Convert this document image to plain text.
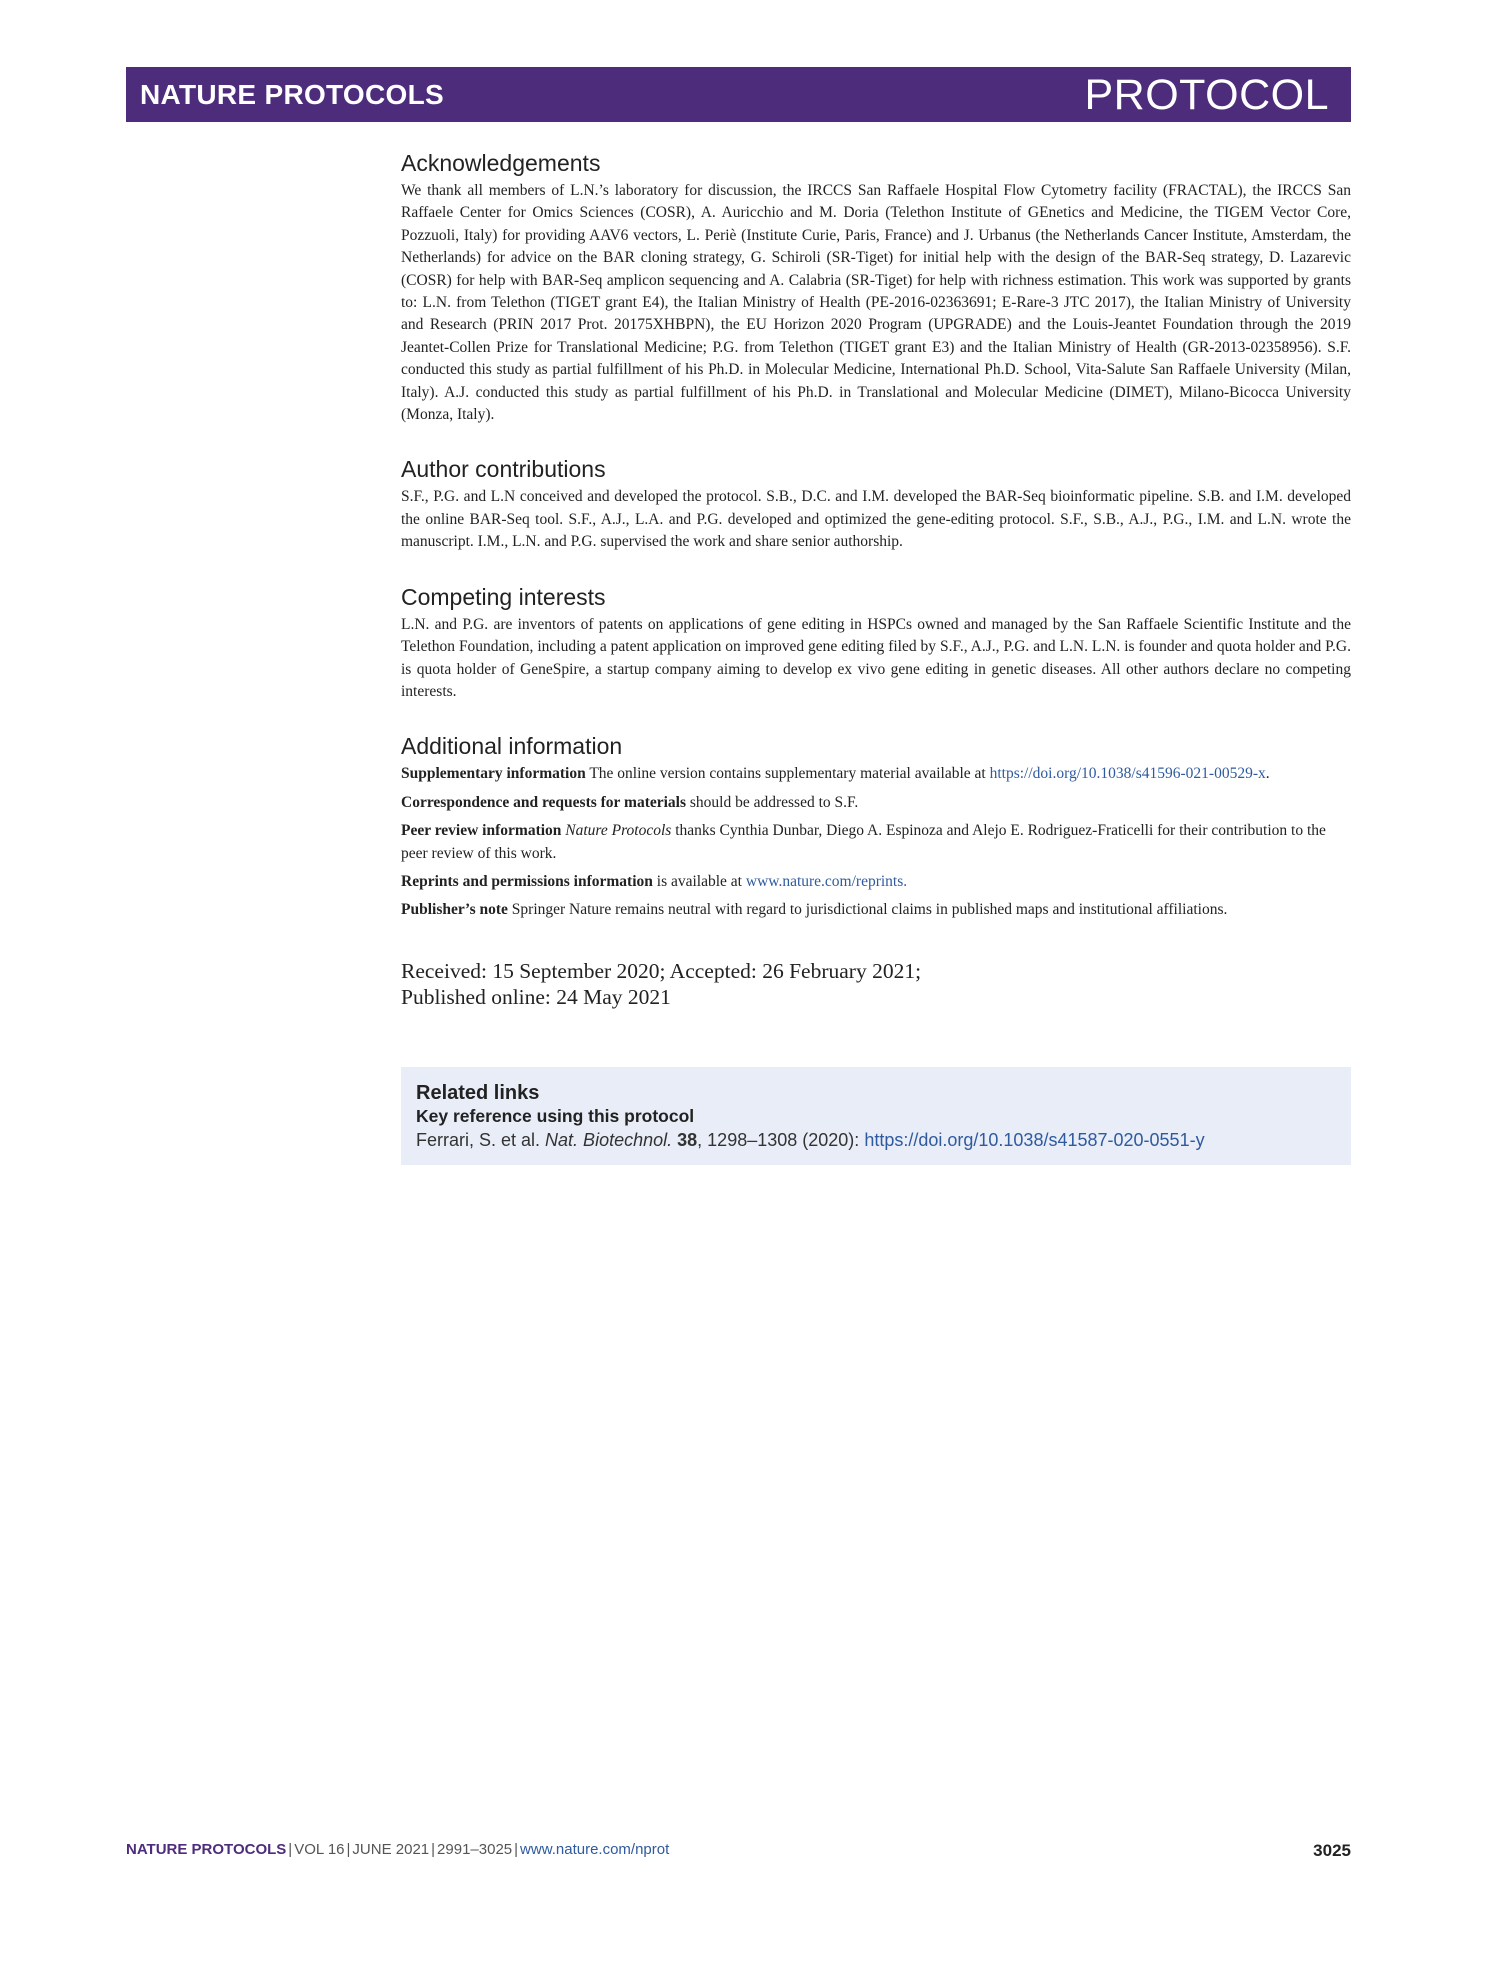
NATURE PROTOCOLS	PROTOCOL
Acknowledgements

We thank all members of L.N.’s laboratory for discussion, the IRCCS San Raffaele Hospital Flow Cytometry facility (FRACTAL), the IRCCS San Raffaele Center for Omics Sciences (COSR), A. Auricchio and M. Doria (Telethon Institute of GEnetics and Medicine, the TIGEM Vector Core, Pozzuoli, Italy) for providing AAV6 vectors, L. Periè (Institute Curie, Paris, France) and J. Urbanus (the Netherlands Cancer Institute, Amsterdam, the Netherlands) for advice on the BAR cloning strategy, G. Schiroli (SR-Tiget) for initial help with the design of the BAR-Seq strategy, D. Lazarevic (COSR) for help with BAR-Seq amplicon sequencing and A. Calabria (SR-Tiget) for help with richness estimation. This work was supported by grants to: L.N. from Telethon (TIGET grant E4), the Italian Ministry of Health (PE-2016-02363691; E-Rare-3 JTC 2017), the Italian Ministry of University and Research (PRIN 2017 Prot. 20175XHBPN), the EU Horizon 2020 Program (UPGRADE) and the Louis-Jeantet Foundation through the 2019 Jeantet-Collen Prize for Translational Medicine; P.G. from Telethon (TIGET grant E3) and the Italian Ministry of Health (GR-2013-02358956). S.F. conducted this study as partial fulfillment of his Ph.D. in Molecular Medicine, International Ph.D. School, Vita-Salute San Raffaele University (Milan, Italy). A.J. conducted this study as partial fulfillment of his Ph.D. in Translational and Molecular Medicine (DIMET), Milano-Bicocca University (Monza, Italy).

Author contributions

S.F., P.G. and L.N conceived and developed the protocol. S.B., D.C. and I.M. developed the BAR-Seq bioinformatic pipeline. S.B. and I.M. developed the online BAR-Seq tool. S.F., A.J., L.A. and P.G. developed and optimized the gene-editing protocol. S.F., S.B., A.J., P.G., I.M. and L.N. wrote the manuscript. I.M., L.N. and P.G. supervised the work and share senior authorship.

Competing interests

L.N. and P.G. are inventors of patents on applications of gene editing in HSPCs owned and managed by the San Raffaele Scientific Institute and the Telethon Foundation, including a patent application on improved gene editing filed by S.F., A.J., P.G. and L.N. L.N. is founder and quota holder and P.G. is quota holder of GeneSpire, a startup company aiming to develop ex vivo gene editing in genetic diseases. All other authors declare no competing interests.

Additional information

Supplementary information The online version contains supplementary material available at https://doi.org/10.1038/s41596-021-00529-x.

Correspondence and requests for materials should be addressed to S.F.

Peer review information Nature Protocols thanks Cynthia Dunbar, Diego A. Espinoza and Alejo E. Rodriguez-Fraticelli for their contribution to the peer review of this work.

Reprints and permissions information is available at www.nature.com/reprints.

Publisher’s note Springer Nature remains neutral with regard to jurisdictional claims in published maps and institutional affiliations.

Received: 15 September 2020; Accepted: 26 February 2021;
Published online: 24 May 2021
Related links
Key reference using this protocol
Ferrari, S. et al. Nat. Biotechnol. 38, 1298–1308 (2020): https://doi.org/10.1038/s41587-020-0551-y
NATURE PROTOCOLS | VOL 16 | JUNE 2021 | 2991–3025 | www.nature.com/nprot	3025
